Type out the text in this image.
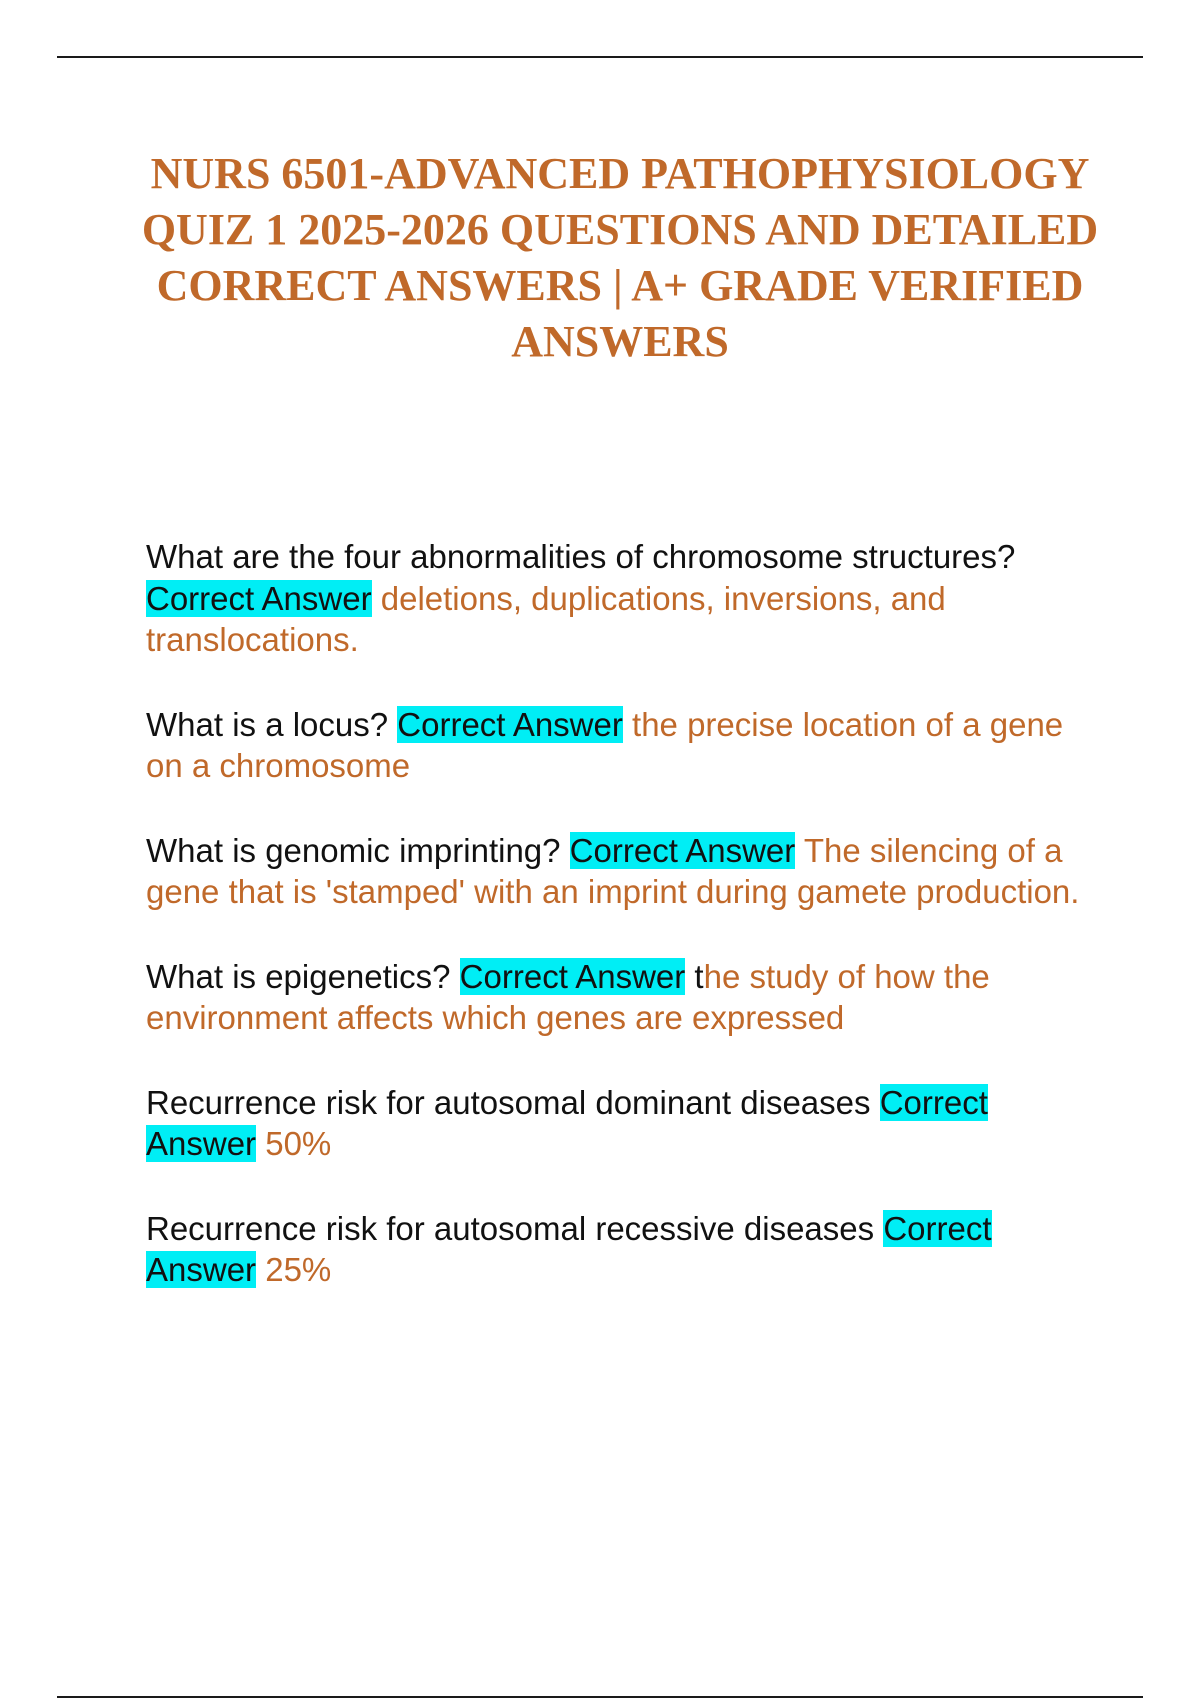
NURS 6501-ADVANCED PATHOPHYSIOLOGY QUIZ 1 2025-2026 QUESTIONS AND DETAILED CORRECT ANSWERS | A+ GRADE VERIFIED ANSWERS

What are the four abnormalities of chromosome structures? Correct Answer deletions, duplications, inversions, and translocations.

What is a locus? Correct Answer the precise location of a gene on a chromosome

What is genomic imprinting? Correct Answer The silencing of a gene that is 'stamped' with an imprint during gamete production.

What is epigenetics? Correct Answer the study of how the environment affects which genes are expressed

Recurrence risk for autosomal dominant diseases Correct Answer 50%

Recurrence risk for autosomal recessive diseases Correct Answer 25%
